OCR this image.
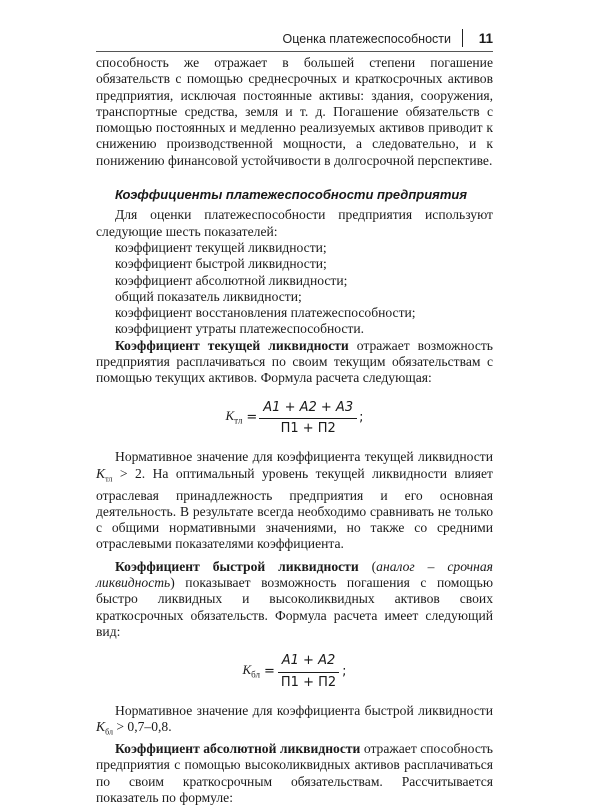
Оценка платежеспособности 11

способность же отражает в большей степени погашение обязательств с помощью среднесрочных и краткосрочных активов предприятия, исключая постоянные активы: здания, сооружения, транспортные средства, земля и т. д. Погашение обязательств с помощью постоянных и медленно реализуемых активов приводит к снижению производственной мощности, а следовательно, и к понижению финансовой устойчивости в долгосрочной перспективе.

Коэффициенты платежеспособности предприятия

Для оценки платежеспособности предприятия используют следующие шесть показателей:

коэффициент текущей ликвидности;
коэффициент быстрой ликвидности;
коэффициент абсолютной ликвидности;
общий показатель ликвидности;
коэффициент восстановления платежеспособности;
коэффициент утраты платежеспособности.

Коэффициент текущей ликвидности отражает возможность предприятия расплачиваться по своим текущим обязательствам с помощью текущих активов. Формула расчета следующая:

$K_{тл} = \frac{A1 + A2 + A3}{П1 + П2}$ ;

Нормативное значение для коэффициента текущей ликвидности $K_{тл} > 2$. На оптимальный уровень текущей ликвидности влияет отраслевая принадлежность предприятия и его основная деятельность. В результате всегда необходимо сравнивать не только с общими нормативными значениями, но также со средними отраслевыми показателями коэффициента.

Коэффициент быстрой ликвидности (аналог – срочная ликвидность) показывает возможность погашения с помощью быстро ликвидных и высоколиквидных активов своих краткосрочных обязательств. Формула расчета имеет следующий вид:

$K_{бл} = \frac{A1 + A2}{П1 + П2}$ ;

Нормативное значение для коэффициента быстрой ликвидности $K_{бл} > 0,7-0,8$.

Коэффициент абсолютной ликвидности отражает способность предприятия с помощью высоколиквидных активов расплачиваться по своим краткосрочным обязательствам. Рассчитывается показатель по формуле:
